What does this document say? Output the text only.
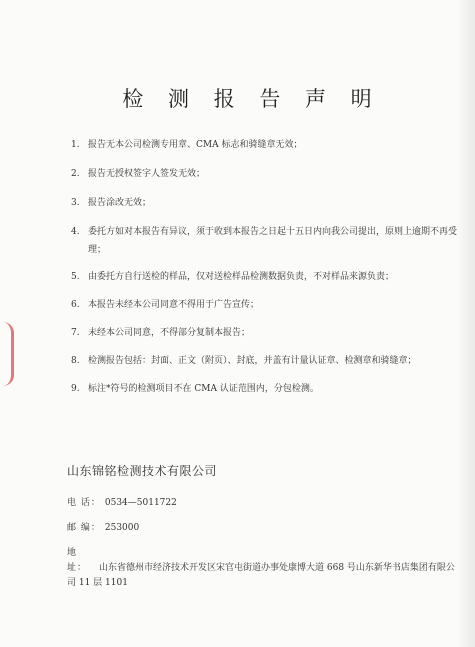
检 测 报 告 声 明
1. 报告无本公司检测专用章、CMA 标志和骑缝章无效；
2. 报告无授权签字人签发无效；
3. 报告涂改无效；
4. 委托方如对本报告有异议，须于收到本报告之日起十五日内向我公司提出，原则上逾期不再受理；
5. 由委托方自行送检的样品，仅对送检样品检测数据负责，不对样品来源负责；
6. 本报告未经本公司同意不得用于广告宣传；
7. 未经本公司同意，不得部分复制本报告；
8. 检测报告包括：封面、正文（附页）、封底，并盖有计量认证章、检测章和骑缝章；
9. 标注*符号的检测项目不在 CMA 认证范围内，分包检测。
山东锦铭检测技术有限公司
电 话： 0534—5011722
邮 编： 253000
地 址： 山东省德州市经济技术开发区宋官屯街道办事处康博大道 668 号山东新华书店集团有限公司 11 层 1101
